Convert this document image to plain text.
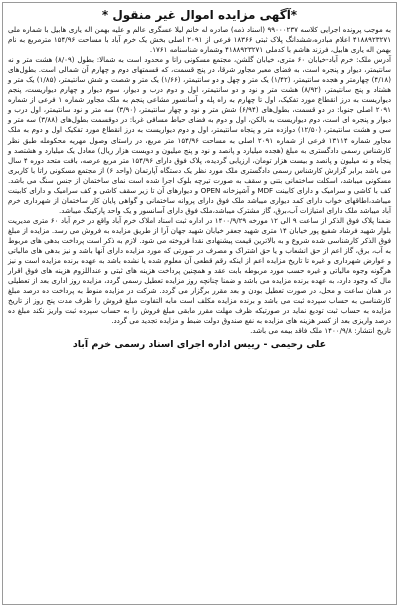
*آگهی مزایده اموال غیر منقول *

به موجب پرونده اجرایی کلاسه ۹۹۰۰۰۲۳۷ (اسناد ذمه) صادره له خانم لیلا عسگری عالم و علیه بهمن اله یاری هابیل با شماره ملی ۴۱۸۸۹۲۳۲۷۱ اعلام مبادره،ششدانگ پلاک ثبتی ۱۸۳۶۶ فرعی از ۲۰۹۱ اصلی بخش یک خرم آباد با مساحت ۱۵۴/۹۶ مترمربع به نام بهمن اله یاری هابیل، فرزند هاشم با کدملی ۴۱۸۸۹۲۳۲۷۱ وشماره شناسنامه ۱۷۶۱.

آدرس ملک: خرم آباد-خیابان ۶۰ متری، خیابان گلشن، مجتمع مسکونی راتا و محدود است به شمالا: بطول (۸/۰۹) هشت متر و نه سانتیمتر، دیوار و پنجره است، به فضای معبر مجاور شرقا، در پنج قسمت، که قسمتهای دوم و چهارم آن شمالی است. بطول‌های (۴/۱۸) چهارمتر و هجده سانتیمتر، (۱/۴۲) یک متر و چهل و دو سانتیمتر، (۱/۶۶) یک متر و شصت و شش سانتیمتر، (۱/۸۵) یک متر و هشتاد و پنج سانتیمتر، (۸/۹۲) هشت متر و نود و دو سانتیمتر، اول و دوم درب و دیوار، سوم دیوار و چهارم دیواریست، پنجم دیواریست به درز انقطاع مورد تفکیک، اول تا چهارم به راه پله و آسانسور مشاعی پنجم به ملک مجاور شماره ۱ فرعی از شماره ۲۰۹۱ اصلی جنوبا: در دو قسمت، بطول‌های (۶/۹۴) شش متر و نود و چهار سانتیمتر، (۳/۹۰) سه متر و نود سانتیمتر، اول درب و دیوار و پنجره ای است، دوم دیواریست به بالکن، اول و دوم به فضای حیاط مسافی غربا: در دوقسمت بطول‌های (۳/۸۸) سه متر و سی و هشت سانتیمتر، (۱۲/۵۰) دوازده متر و پنجاه سانتیمتر، اول و دوم دیواریست به درز انقطاع مورد تفکیک اول و دوم به ملک مجاور شماره ۱۳۱۱۴ فرعی از شماره ۲۰۹۱ اصلی به مساحت ۱۵۴/۹۶ متر مربع، در راستای وصول مهریه محکومله طبق نظر کارشناس رسمی دادگستری به مبلغ (هجده میلیارد و پانصد و نود و پنج میلیون و دویست هزار ریال) معادل یک میلیارد و هشتصد و پنجاه و نه میلیون و پانصد و بیست هزار تومان، ارزیابی گردیده، پلاک فوق دارای ۱۵۴/۹۶ متر مربع عرصه، بافت متحد دوره ۴ سال می باشد برابر گزارش کارشناس رسمی دادگستری ملک مورد نظر یک دستگاه آپارتمان (واحد ۶) از مجتمع مسکونی راتا با کاربری مسکونی میباشد، اسکلت ساختمانی بتنی و سقف به صورت تیرچه بلوک اجرا شده است نمای ساختمان از جنس سنگ می باشد. کف با کاشی و سرامیک و دارای کابینت MDF و آشپزخانه OPEN و دیوارهای آن تا زیر سقف کاشی و کف سرامیک و دارای کابینت میباشد،اطاقهای خواب دارای کمد دیواری میباشد ملک فوق دارای پروانه ساختمانی و گواهی پایان کار ساختمان از شهرداری خرم آباد میباشد ملک دارای امتیازات آب،برق، گاز مشترک میباشد،ملک فوق دارای آسانسور و یک واحد پارکینگ میباشد.

ضمنا پلاک فوق الذکر از ساعت ۹ الی ۱۲ مورخه ۱۴۰۰/۹/۲۹ در اداره ثبت اسناد املاک خرم آباد واقع در خرم آباد ۶۰ متری مدیریت بلوار شهید فرشاد شفیع پور خیابان ۱۴ متری شهید جعفر خیابان شهید جهان آرا از طریق مزایده به فروش می رسد. مزایده از مبلغ فوق الذکر کارشناسی شده شروع و به بالاترین قیمت پیشنهادی نقدا فروخته می شود. لازم به ذکر است پرداخت بدهی های مربوط به آب، برق، گاز اعم از حق انشعاب و یا حق اشتراک و مصرف در صورتی که مورد مزایده دارای آنها باشد و نیز بدهی های مالیاتی و عوارض شهرداری و غیره تا تاریخ مزایده اعم از اینکه رقم قطعی آن معلوم شده یا نشده باشد به عهده برنده مزایده است و نیز هرگونه وجوه مالیاتی و غیره حسب مورد مربوطه بابت عقد و همچنین پرداخت هزینه های ثبتی و عنداللزوم هزینه های فوق اقرار مال که وجود دارد، به عهده برنده مزایده می باشد و ضمنا چنانچه روز مزایده تعطیل رسمی گردد، مزایده روز اداری بعد از تعطیلی در همان ساعت و محل، در صورت تعطیل بودن و بعد مقرر برگزار می گردد. شرکت در مزایده منوط به پرداخت ده درصد مبلغ کارشناسی به حساب سپرده ثبت می باشد و برنده مزایده مکلف است مابه التفاوت مبلغ فروش را ظرف مدت پنج روز از تاریخ مزایده به حساب ثبت تودیع نماید در صورتیکه ظرف مهلت مقرر مابقی مبلغ فروش را به حساب سپرده ثبت واریز نکند مبلغ ده درصد واریزی بعد از کسر هزینه های مزایده به نفع صندوق دولت ضبط و مزایده تجدید می گردد.

تاریخ انتشار: ۱۴۰۰/۹/۸ ملک فاقد بیمه می باشد.

علی رحیمی - رییس اداره اجرای اسناد رسمی خرم آباد
